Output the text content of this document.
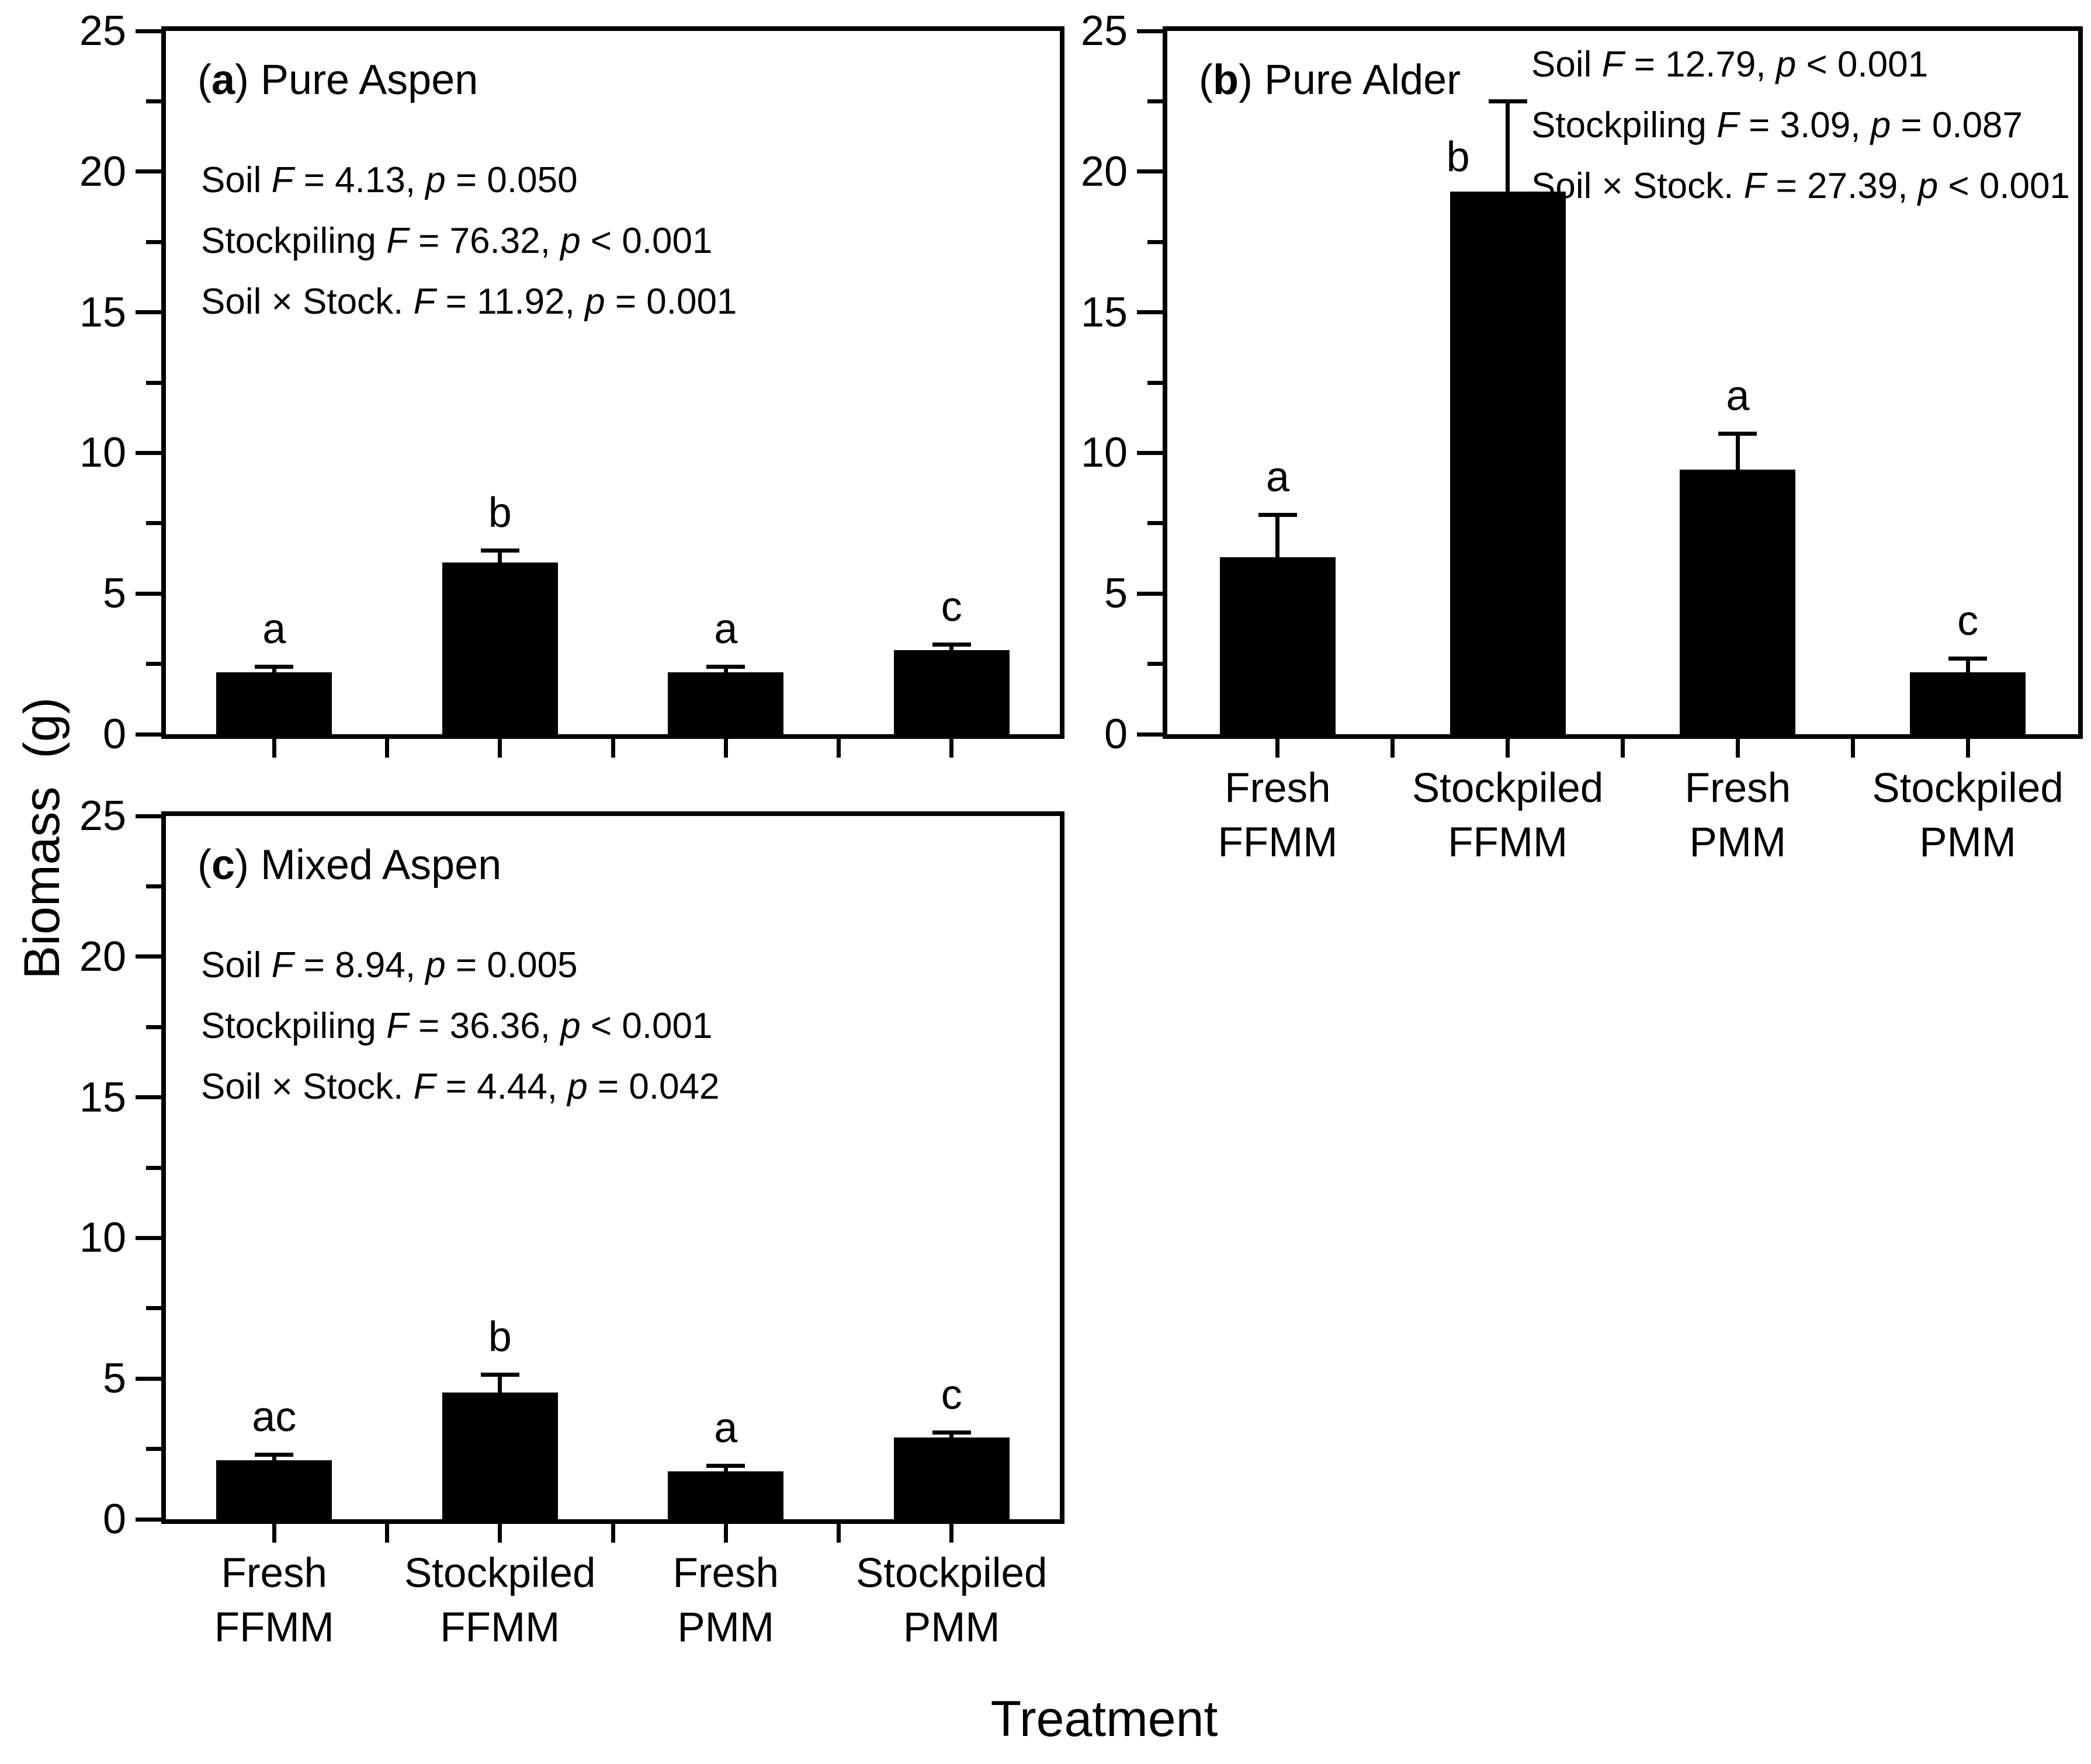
Biomass  (g) 0
5
10
15
20
25
a
b
a	c
(a) Pure Aspen
Soil F = 4.13, p = 0.050
Stockpiling F = 76.32, p < 0.001
Soil × Stock. F = 11.92, p = 0.001
0
5
10
15
20
25
a
b
a
c
(b) Pure Alder Soil F = 12.79, p < 0.001
Stockpiling F = 3.09, p = 0.087
Soil × Stock. F = 27.39, p < 0.001
Fresh
FFMM
Stockpiled
FFMM
Fresh
PMM
Stockpiled
PMM
0
5
10
15
20
25
ac
b
a
c
(c) Mixed Aspen
Soil F = 8.94, p = 0.005
Stockpiling F = 36.36, p < 0.001
Soil × Stock. F = 4.44, p = 0.042
Fresh
FFMM
Stockpiled
FFMM
Fresh
PMM
Stockpiled
PMM
Treatment
